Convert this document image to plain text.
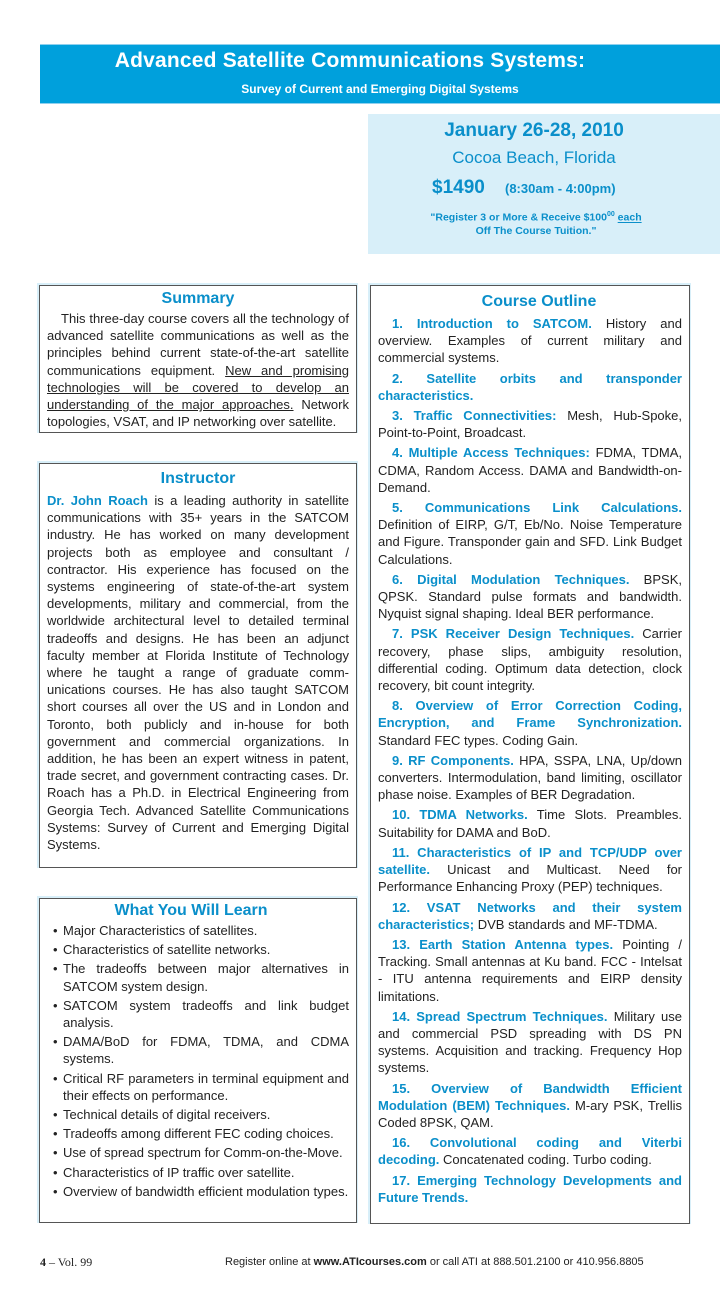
Advanced Satellite Communications Systems:
Survey of Current and Emerging Digital Systems
January 26-28, 2010
Cocoa Beach, Florida
$1490 (8:30am - 4:00pm)
"Register 3 or More & Receive $\$100^{00}$ each
Off The Course Tuition."
Summary
This three-day course covers all the technology of advanced satellite communications as well as the principles behind current state-of-the-art satellite communications equipment. New and promising technologies will be covered to develop an understanding of the major approaches. Network topologies, VSAT, and IP networking over satellite.
Instructor
Dr. John Roach is a leading authority in satellite communications with 35+ years in the SATCOM industry. He has worked on many development projects both as employee and consultant / contractor. His experience has focused on the systems engineering of state-of-the-art system developments, military and commercial, from the worldwide architectural level to detailed terminal tradeoffs and designs. He has been an adjunct faculty member at Florida Institute of Technology where he taught a range of graduate comm-unications courses. He has also taught SATCOM short courses all over the US and in London and Toronto, both publicly and in-house for both government and commercial organizations. In addition, he has been an expert witness in patent, trade secret, and government contracting cases. Dr. Roach has a Ph.D. in Electrical Engineering from Georgia Tech. Advanced Satellite Communications Systems: Survey of Current and Emerging Digital Systems.
What You Will Learn
• Major Characteristics of satellites.
• Characteristics of satellite networks.
• The tradeoffs between major alternatives in SATCOM system design.
• SATCOM system tradeoffs and link budget analysis.
• DAMA/BoD for FDMA, TDMA, and CDMA systems.
• Critical RF parameters in terminal equipment and their effects on performance.
• Technical details of digital receivers.
• Tradeoffs among different FEC coding choices.
• Use of spread spectrum for Comm-on-the-Move.
• Characteristics of IP traffic over satellite.
• Overview of bandwidth efficient modulation types.
Course Outline
1. Introduction to SATCOM. History and overview. Examples of current military and commercial systems.
2. Satellite orbits and transponder characteristics.
3. Traffic Connectivities: Mesh, Hub-Spoke, Point-to-Point, Broadcast.
4. Multiple Access Techniques: FDMA, TDMA, CDMA, Random Access. DAMA and Bandwidth-on-Demand.
5. Communications Link Calculations. Definition of EIRP, G/T, Eb/No. Noise Temperature and Figure. Transponder gain and SFD. Link Budget Calculations.
6. Digital Modulation Techniques. BPSK, QPSK. Standard pulse formats and bandwidth. Nyquist signal shaping. Ideal BER performance.
7. PSK Receiver Design Techniques. Carrier recovery, phase slips, ambiguity resolution, differential coding. Optimum data detection, clock recovery, bit count integrity.
8. Overview of Error Correction Coding, Encryption, and Frame Synchronization. Standard FEC types. Coding Gain.
9. RF Components. HPA, SSPA, LNA, Up/down converters. Intermodulation, band limiting, oscillator phase noise. Examples of BER Degradation.
10. TDMA Networks. Time Slots. Preambles. Suitability for DAMA and BoD.
11. Characteristics of IP and TCP/UDP over satellite. Unicast and Multicast. Need for Performance Enhancing Proxy (PEP) techniques.
12. VSAT Networks and their system characteristics; DVB standards and MF-TDMA.
13. Earth Station Antenna types. Pointing / Tracking. Small antennas at Ku band. FCC - Intelsat - ITU antenna requirements and EIRP density limitations.
14. Spread Spectrum Techniques. Military use and commercial PSD spreading with DS PN systems. Acquisition and tracking. Frequency Hop systems.
15. Overview of Bandwidth Efficient Modulation (BEM) Techniques. M-ary PSK, Trellis Coded 8PSK, QAM.
16. Convolutional coding and Viterbi decoding. Concatenated coding. Turbo coding.
17. Emerging Technology Developments and Future Trends.
4 – Vol. 99	Register online at www.ATIcourses.com or call ATI at 888.501.2100 or 410.956.8805
